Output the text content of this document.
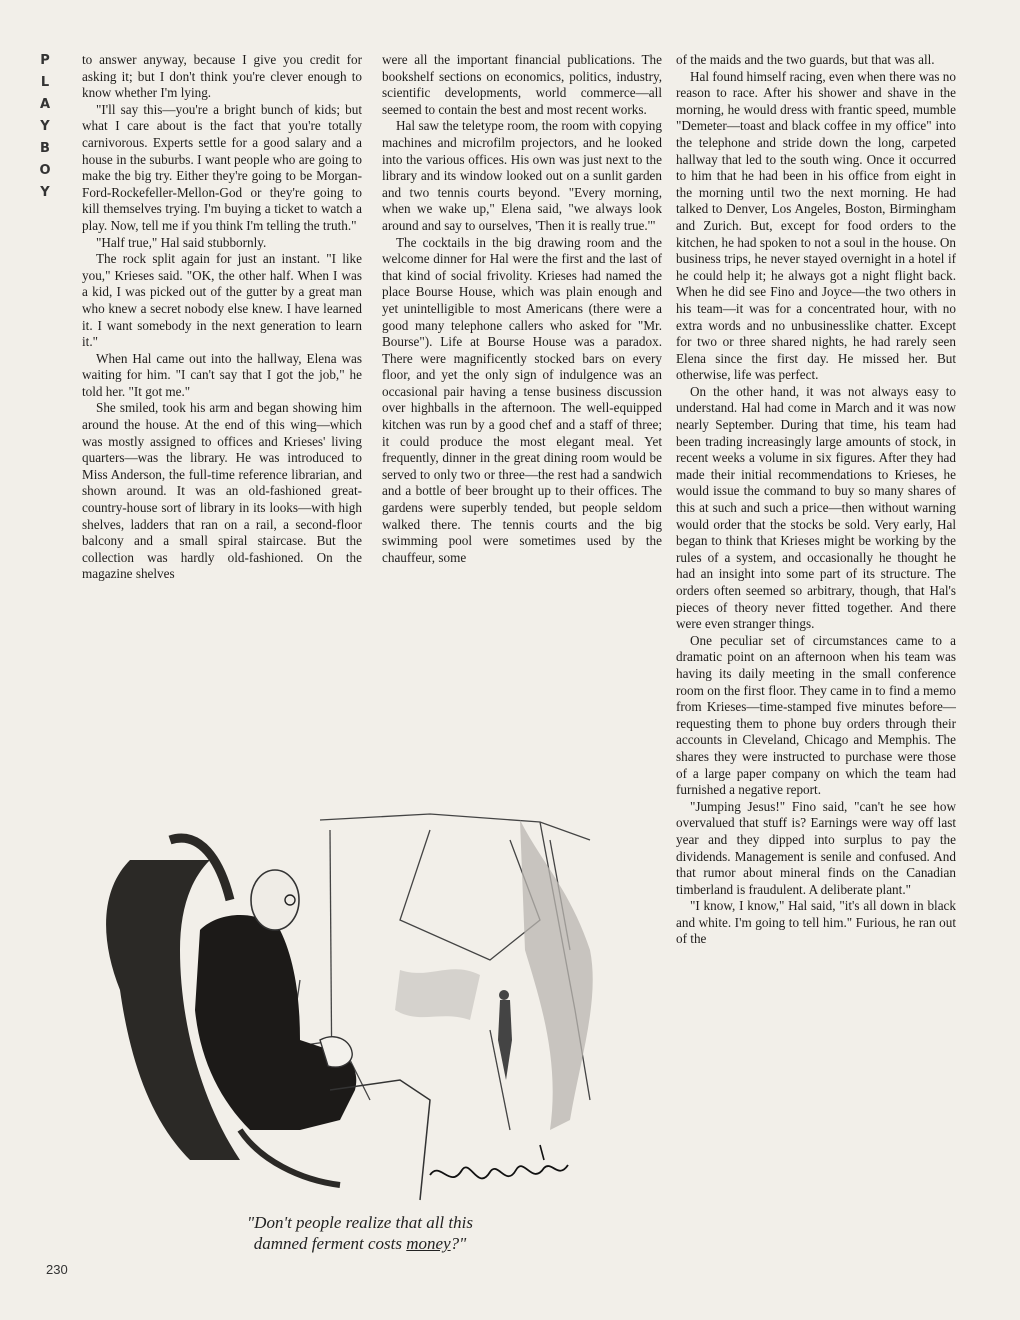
P
L
A
Y
B
O
Y

to answer anyway, because I give you credit for asking it; but I don't think you're clever enough to know whether I'm lying.

"I'll say this—you're a bright bunch of kids; but what I care about is the fact that you're totally carnivorous. Experts settle for a good salary and a house in the suburbs. I want people who are going to make the big try. Either they're going to be Morgan-Ford-Rockefeller-Mellon-God or they're going to kill themselves trying. I'm buying a ticket to watch a play. Now, tell me if you think I'm telling the truth."

"Half true," Hal said stubbornly.

The rock split again for just an instant. "I like you," Krieses said. "OK, the other half. When I was a kid, I was picked out of the gutter by a great man who knew a secret nobody else knew. I have learned it. I want somebody in the next generation to learn it."

When Hal came out into the hallway, Elena was waiting for him. "I can't say that I got the job," he told her. "It got me."

She smiled, took his arm and began showing him around the house. At the end of this wing—which was mostly assigned to offices and Krieses' living quarters—was the library. He was introduced to Miss Anderson, the full-time reference librarian, and shown around. It was an old-fashioned great-country-house sort of library in its looks—with high shelves, ladders that ran on a rail, a second-floor balcony and a small spiral staircase. But the collection was hardly old-fashioned. On the magazine shelves

were all the important financial publications. The bookshelf sections on economics, politics, industry, scientific developments, world commerce—all seemed to contain the best and most recent works.

Hal saw the teletype room, the room with copying machines and microfilm projectors, and he looked into the various offices. His own was just next to the library and its window looked out on a sunlit garden and two tennis courts beyond. "Every morning, when we wake up," Elena said, "we always look around and say to ourselves, 'Then it is really true.'"

The cocktails in the big drawing room and the welcome dinner for Hal were the first and the last of that kind of social frivolity. Krieses had named the place Bourse House, which was plain enough and yet unintelligible to most Americans (there were a good many telephone callers who asked for "Mr. Bourse"). Life at Bourse House was a paradox. There were magnificently stocked bars on every floor, and yet the only sign of indulgence was an occasional pair having a tense business discussion over highballs in the afternoon. The well-equipped kitchen was run by a good chef and a staff of three; it could produce the most elegant meal. Yet frequently, dinner in the great dining room would be served to only two or three—the rest had a sandwich and a bottle of beer brought up to their offices. The gardens were superbly tended, but people seldom walked there. The tennis courts and the big swimming pool were sometimes used by the chauffeur, some

of the maids and the two guards, but that was all.

Hal found himself racing, even when there was no reason to race. After his shower and shave in the morning, he would dress with frantic speed, mumble "Demeter—toast and black coffee in my office" into the telephone and stride down the long, carpeted hallway that led to the south wing. Once it occurred to him that he had been in his office from eight in the morning until two the next morning. He had talked to Denver, Los Angeles, Boston, Birmingham and Zurich. But, except for food orders to the kitchen, he had spoken to not a soul in the house. On business trips, he never stayed overnight in a hotel if he could help it; he always got a night flight back. When he did see Fino and Joyce—the two others in his team—it was for a concentrated hour, with no extra words and no unbusinesslike chatter. Except for two or three shared nights, he had rarely seen Elena since the first day. He missed her. But otherwise, life was perfect.

On the other hand, it was not always easy to understand. Hal had come in March and it was now nearly September. During that time, his team had been trading increasingly large amounts of stock, in recent weeks a volume in six figures. After they had made their initial recommendations to Krieses, he would issue the command to buy so many shares of this at such and such a price—then without warning would order that the stocks be sold. Very early, Hal began to think that Krieses might be working by the rules of a system, and occasionally he thought he had an insight into some part of its structure. The orders often seemed so arbitrary, though, that Hal's pieces of theory never fitted together. And there were even stranger things.

One peculiar set of circumstances came to a dramatic point on an afternoon when his team was having its daily meeting in the small conference room on the first floor. They came in to find a memo from Krieses—time-stamped five minutes before—requesting them to phone buy orders through their accounts in Cleveland, Chicago and Memphis. The shares they were instructed to purchase were those of a large paper company on which the team had furnished a negative report.

"Jumping Jesus!" Fino said, "can't he see how overvalued that stuff is? Earnings were way off last year and they dipped into surplus to pay the dividends. Management is senile and confused. And that rumor about mineral finds on the Canadian timberland is fraudulent. A deliberate plant."

"I know, I know," Hal said, "it's all down in black and white. I'm going to tell him." Furious, he ran out of the

"Don't people realize that all this
damned ferment costs money?"
230
